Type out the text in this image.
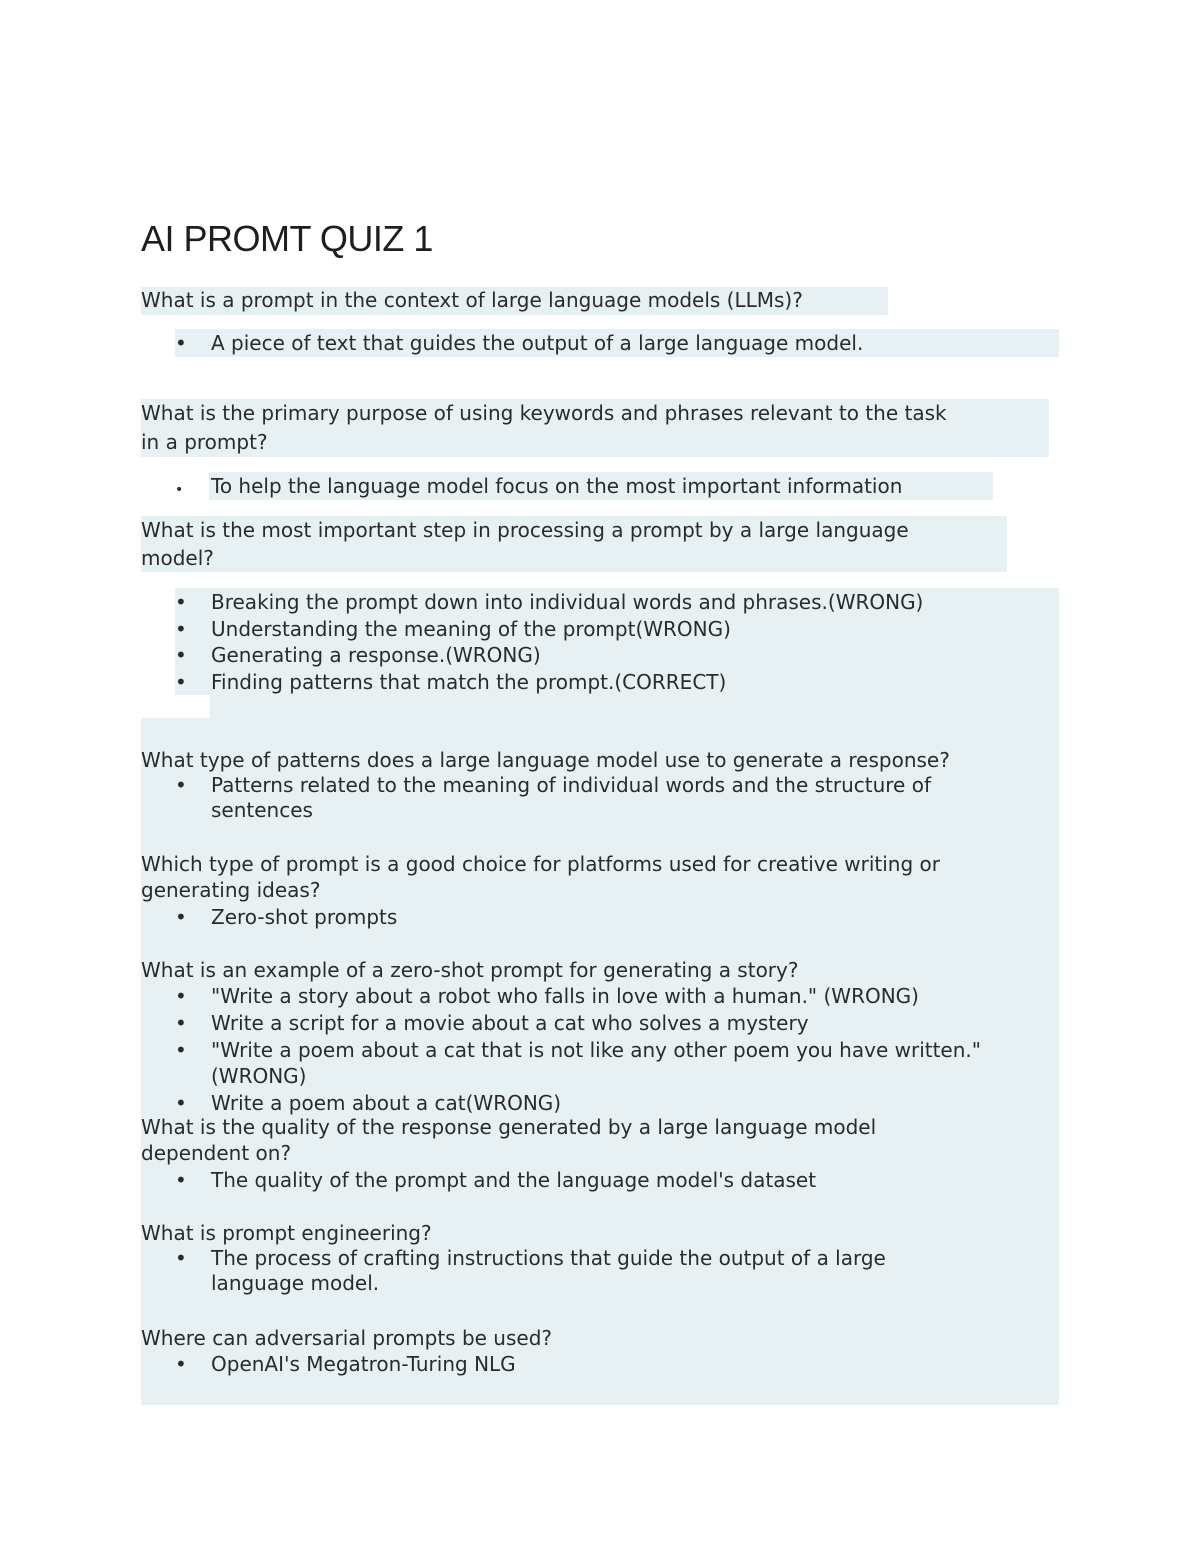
AI PROMT QUIZ 1
What is a prompt in the context of large language models (LLMs)?
• A piece of text that guides the output of a large language model.
What is the primary purpose of using keywords and phrases relevant to the task
in a prompt?
• To help the language model focus on the most important information
What is the most important step in processing a prompt by a large language
model?
• Breaking the prompt down into individual words and phrases.(WRONG)
• Understanding the meaning of the prompt(WRONG)
• Generating a response.(WRONG)
• Finding patterns that match the prompt.(CORRECT)
What type of patterns does a large language model use to generate a response?
• Patterns related to the meaning of individual words and the structure of sentences
Which type of prompt is a good choice for platforms used for creative writing or
generating ideas?
• Zero-shot prompts
What is an example of a zero-shot prompt for generating a story?
• "Write a story about a robot who falls in love with a human." (WRONG)
• Write a script for a movie about a cat who solves a mystery
• "Write a poem about a cat that is not like any other poem you have written."(WRONG)
• Write a poem about a cat(WRONG)
What is the quality of the response generated by a large language model
dependent on?
• The quality of the prompt and the language model's dataset
What is prompt engineering?
• The process of crafting instructions that guide the output of a large language model.
Where can adversarial prompts be used?
• OpenAI's Megatron-Turing NLG
